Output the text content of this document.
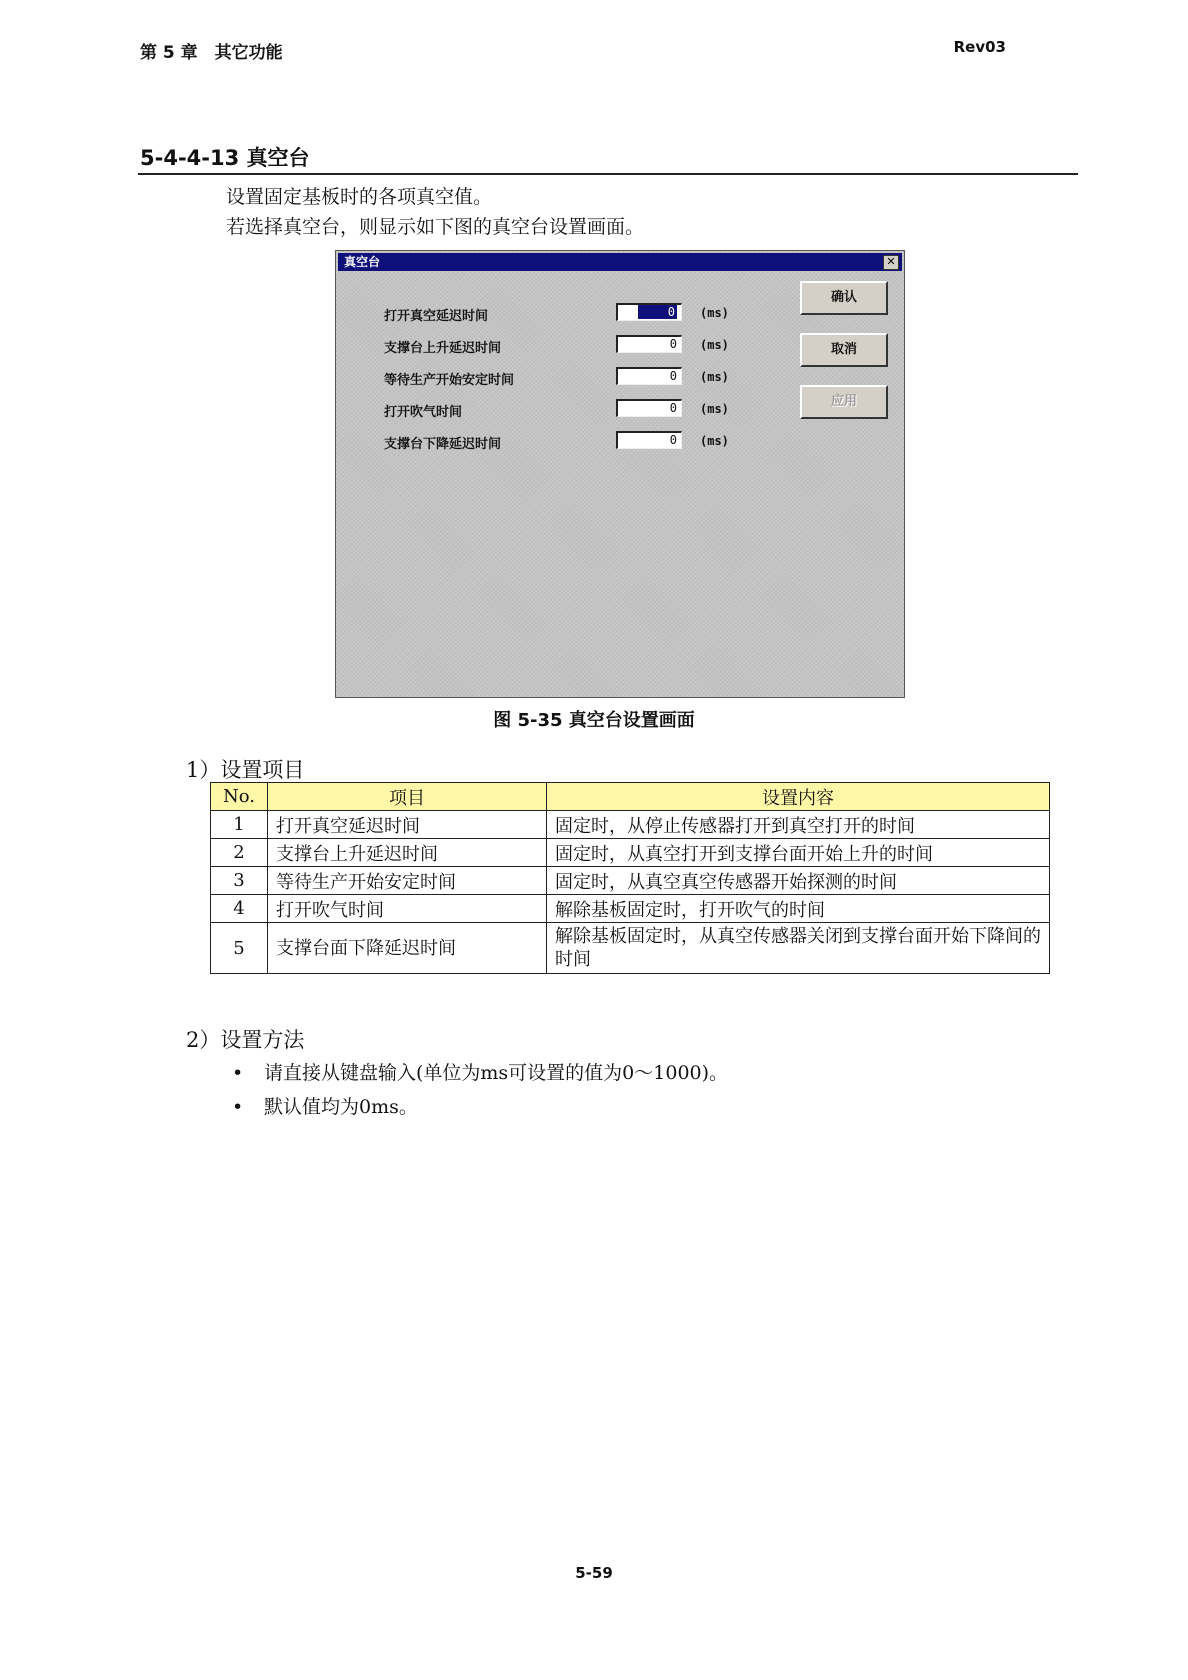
第 5 章　其它功能	Rev03
5-4-4-13 真空台
设置固定基板时的各项真空值。
若选择真空台，则显示如下图的真空台设置画面。
真空台	✕
打开真空延迟时间	0	(ms)
支撑台上升延迟时间	0	(ms)
等待生产开始安定时间	0	(ms)
打开吹气时间	0	(ms)
支撑台下降延迟时间	0	(ms)
确认
取消
应用
图 5-35 真空台设置画面
1）设置项目
No.	项目	设置内容
1	打开真空延迟时间	固定时，从停止传感器打开到真空打开的时间
2	支撑台上升延迟时间	固定时，从真空打开到支撑台面开始上升的时间
3	等待生产开始安定时间	固定时，从真空真空传感器开始探测的时间
4	打开吹气时间	解除基板固定时，打开吹气的时间
5	支撑台面下降延迟时间	解除基板固定时，从真空传感器关闭到支撑台面开始下降间的时间
2）设置方法
• 请直接从键盘输入(单位为ms可设置的值为0～1000)。
• 默认值均为0ms。
5-59
